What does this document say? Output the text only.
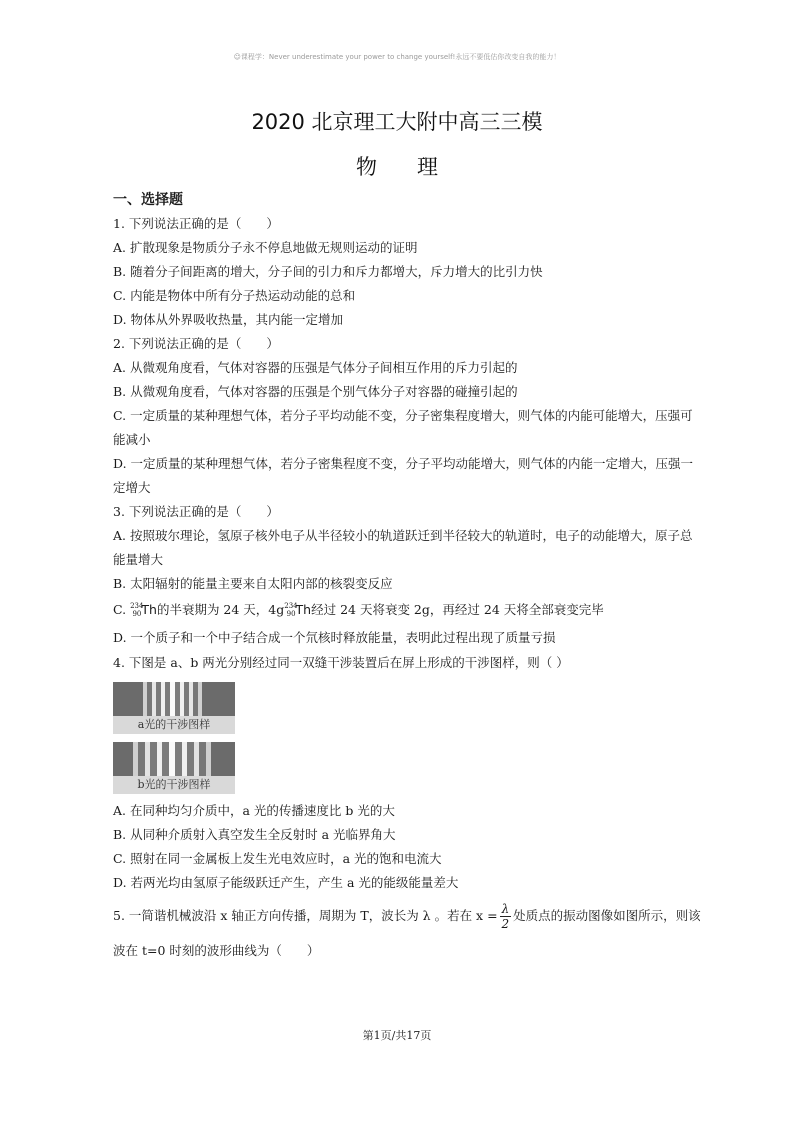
☺课程学：Never underestimate your power to change yourself!永远不要低估你改变自我的能力！
2020 北京理工大附中高三三模
物理
一、选择题
1. 下列说法正确的是（　　）
A. 扩散现象是物质分子永不停息地做无规则运动的证明
B. 随着分子间距离的增大，分子间的引力和斥力都增大，斥力增大的比引力快
C. 内能是物体中所有分子热运动动能的总和
D. 物体从外界吸收热量，其内能一定增加
2. 下列说法正确的是（　　）
A. 从微观角度看，气体对容器的压强是气体分子间相互作用的斥力引起的
B. 从微观角度看，气体对容器的压强是个别气体分子对容器的碰撞引起的
C. 一定质量的某种理想气体，若分子平均动能不变，分子密集程度增大，则气体的内能可能增大，压强可
能减小
D. 一定质量的某种理想气体，若分子密集程度不变，分子平均动能增大，则气体的内能一定增大，压强一
定增大
3. 下列说法正确的是（　　）
A. 按照玻尔理论，氢原子核外电子从半径较小的轨道跃迁到半径较大的轨道时，电子的动能增大，原子总
能量增大
B. 太阳辐射的能量主要来自太阳内部的核裂变反应
C. $^{234}$90Th的半衰期为 24 天，$4g^{234}90Th$经过 24 天将衰变 2g，再经过 24 天将全部衰变完毕
D. 一个质子和一个中子结合成一个氘核时释放能量，表明此过程出现了质量亏损
4. 下图是 a、b 两光分别经过同一双缝干涉装置后在屏上形成的干涉图样，则（ ）
a光的干涉图样
b光的干涉图样
A. 在同种均匀介质中，a 光的传播速度比 b 光的大
B. 从同种介质射入真空发生全反射时 a 光临界角大
C. 照射在同一金属板上发生光电效应时，a 光的饱和电流大
D. 若两光均由氢原子能级跃迁产生，产生 a 光的能级能量差大
5. 一简谐机械波沿 x 轴正方向传播，周期为 T，波长为 λ 。若在 $x = \frac{\lambda}{2}$ 处质点的振动图像如图所示，则该
波在 t=0 时刻的波形曲线为（　　）
第1页/共17页
